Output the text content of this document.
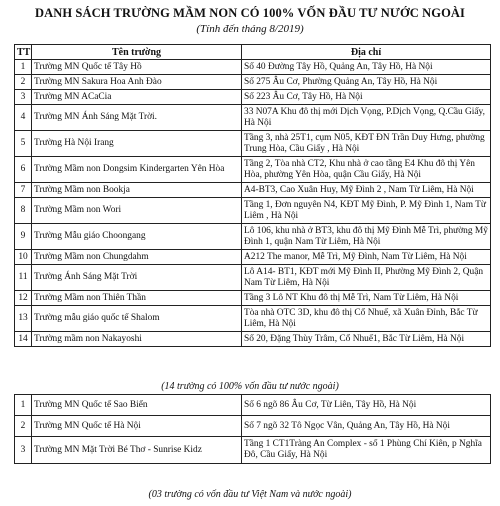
DANH SÁCH TRƯỜNG MẦM NON CÓ 100% VỐN ĐẦU TƯ NƯỚC NGOÀI
(Tính đến tháng 8/2019)
TT	Tên trường	Địa chỉ
1	Trường MN Quốc tế Tây Hồ	Số 40 Đường Tây Hồ, Quảng An, Tây Hồ, Hà Nội
2	Trường MN Sakura Hoa Anh Đào	Số 275 Âu Cơ, Phường Quảng An, Tây Hồ, Hà Nội
3	Trường MN ACaCia	Số 223 Âu Cơ, Tây Hồ, Hà Nội
4	Trường MN Ánh Sáng Mặt Trời.	33 N07A Khu đô thị mới Dịch Vọng, P.Dịch Vọng, Q.Cầu Giấy, Hà Nội
5	Trường Hà Nội Irang	Tầng 3, nhà 25T1, cụm N05, KĐT ĐN Trần Duy Hưng, phường Trung Hòa, Cầu Giấy , Hà Nội
6	Trường Mầm non Dongsim Kindergarten Yên Hòa	Tầng 2, Tòa nhà CT2, Khu nhà ở cao tầng E4 Khu đô thị Yên Hòa, phường Yên Hòa, quận Cầu Giấy, Hà Nội
7	Trường Mầm non Bookja	A4-BT3, Cao Xuân Huy, Mỹ Đình 2 , Nam Từ Liêm, Hà Nội
8	Trường Mầm non Wori	Tầng 1, Đơn nguyên N4, KĐT Mỹ Đình, P. Mỹ Đình 1, Nam Từ Liêm , Hà Nội
9	Trường Mẫu giáo Choongang	Lô 106, khu nhà ở BT3, khu đô thị Mỹ Đình Mễ Trì, phường Mỹ Đình 1, quận Nam Từ Liêm, Hà Nội
10	Trường Mầm non Chungdahm	A212 The manor, Mễ Trì, Mỹ Đình, Nam Từ Liêm, Hà Nội
11	Trường Ánh Sáng Mặt Trời	Lô A14- BT1, KĐT mới Mỹ Đình II, Phường Mỹ Đình 2, Quận Nam Từ Liêm, Hà Nội
12	Trường Mầm non Thiên Thần	Tầng 3 Lô NT Khu đô thị Mễ Trì, Nam Từ Liêm, Hà Nội
13	Trường mẫu giáo quốc tế Shalom	Tòa nhà OTC 3D, khu đô thị Cổ Nhuế, xã Xuân Đỉnh, Bắc Từ Liêm, Hà Nội
14	Trường mầm non Nakayoshi	Số 20, Đặng Thùy Trâm, Cổ Nhuế1, Bắc Từ Liêm, Hà Nội
(14 trường có 100% vốn đầu tư nước ngoài)
1	Trường MN Quốc tế Sao Biển	Số 6 ngõ 86 Âu Cơ, Từ Liên, Tây Hồ, Hà Nội
2	Trường MN Quốc tế Hà Nội	Số 7 ngõ 32 Tô Ngọc Vân, Quảng An, Tây Hồ, Hà Nội
3	Trường MN Mặt Trời Bé Thơ - Sunrise Kidz	Tầng 1 CT1Tràng An Complex - số 1 Phùng Chí Kiên, p Nghĩa Đô, Cầu Giấy, Hà Nội
(03 trường có vốn đầu tư Việt Nam và nước ngoài)
